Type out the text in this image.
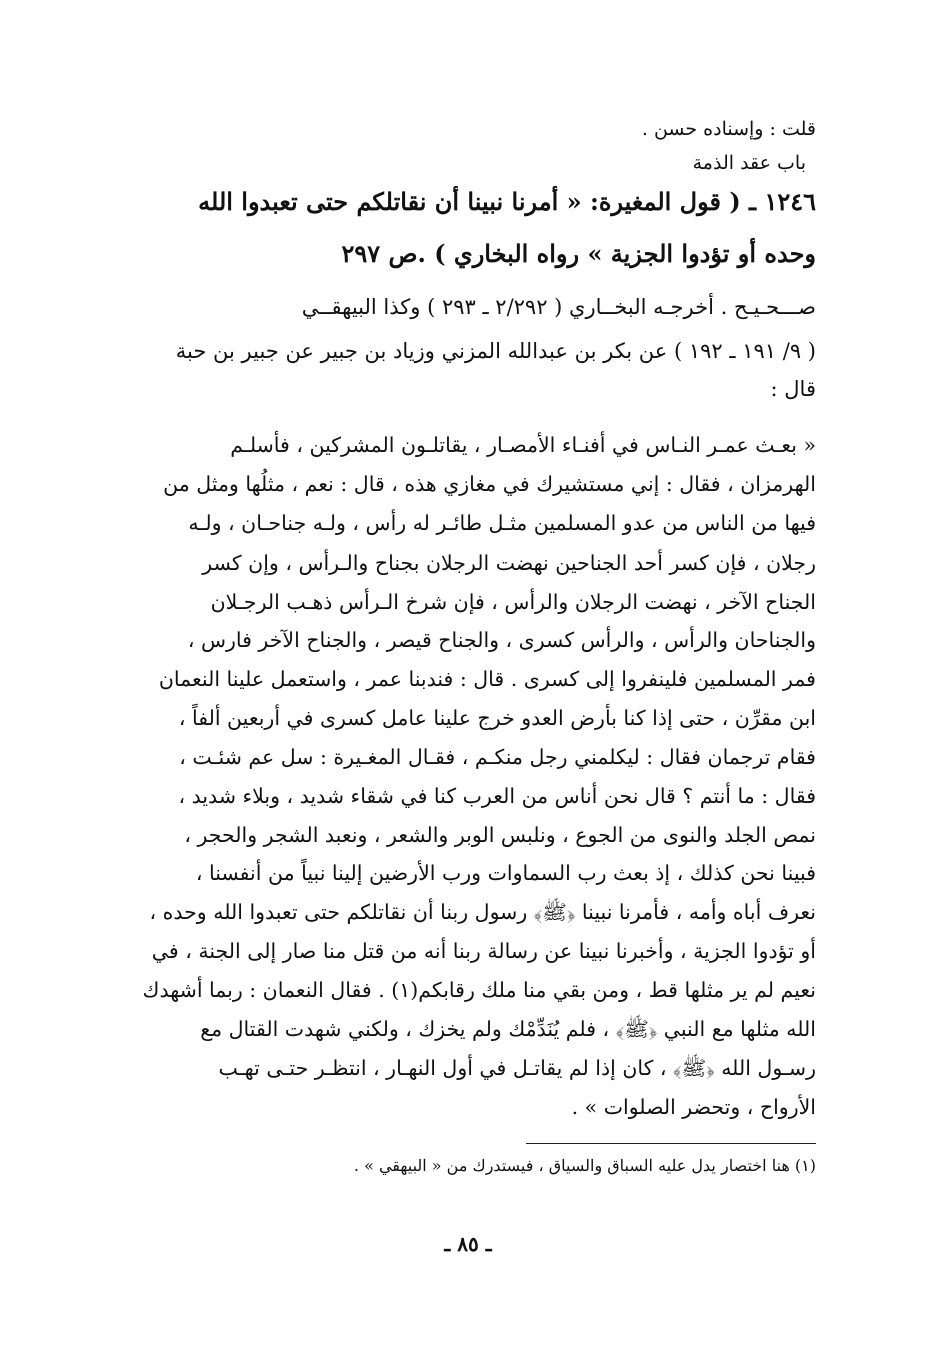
قلت : وإسناده حسن .
باب عقد الذمة
١٢٤٦ ـ ( قول المغيرة: « أمرنا نبينا أن نقاتلكم حتى تعبدوا الله
وحده أو تؤدوا الجزية » رواه البخاري ) .ص ٢٩٧
صـــحـيـح . أخرجـه البخــاري ( ٢/٢٩٢ ـ ٢٩٣ ) وكذا البيهقــي
( ٩/ ١٩١ ـ ١٩٢ ) عن بكر بن عبدالله المزني وزياد بن جبير عن جبير بن حبة
قال :
« بعـث عمـر النـاس في أفنـاء الأمصـار ، يقاتلـون المشركين ، فأسلـم
الهرمزان ، فقال : إني مستشيرك في مغازي هذه ، قال : نعم ، مثلُها ومثل من
فيها من الناس من عدو المسلمين مثـل طائـر له رأس ، ولـه جناحـان ، ولـه
رجلان ، فإن كسر أحد الجناحين نهضت الرجلان بجناح والـرأس ، وإن كسر
الجناح الآخر ، نهضت الرجلان والرأس ، فإن شرخ الـرأس ذهـب الرجـلان
والجناحان والرأس ، والرأس كسرى ، والجناح قيصر ، والجناح الآخر فارس ،
فمر المسلمين فلينفروا إلى كسرى . قال : فندبنا عمر ، واستعمل علينا النعمان
ابن مقرِّن ، حتى إذا كنا بأرض العدو خرج علينا عامل كسرى في أربعين ألفاً ،
فقام ترجمان فقال : ليكلمني رجل منكـم ، فقـال المغـيرة : سل عم شئـت ،
فقال : ما أنتم ؟ قال نحن أناس من العرب كنا في شقاء شديد ، وبلاء شديد ،
نمص الجلد والنوى من الجوع ، ونلبس الوبر والشعر ، ونعبد الشجر والحجر ،
فبينا نحن كذلك ، إذ بعث رب السماوات ورب الأرضين إلينا نبياً من أنفسنا ،
نعرف أباه وأمه ، فأمرنا نبينا ﴿ﷺ﴾ رسول ربنا أن نقاتلكم حتى تعبدوا الله وحده ،
أو تؤدوا الجزية ، وأخبرنا نبينا عن رسالة ربنا أنه من قتل منا صار إلى الجنة ، في
نعيم لم ير مثلها قط ، ومن بقي منا ملك رقابكم(١) . فقال النعمان : ربما أشهدك
الله مثلها مع النبي ﴿ﷺ﴾ ، فلم يُنَدِّمْك ولم يخزك ، ولكني شهدت القتال مع
رسـول الله ﴿ﷺ﴾ ، كان إذا لم يقاتـل في أول النهـار ، انتظـر حتـى تهـب
الأرواح ، وتحضر الصلوات » .
(١) هنا اختصار يدل عليه السباق والسياق ، فيستدرك من « البيهقي » .
ـ ٨٥ ـ
